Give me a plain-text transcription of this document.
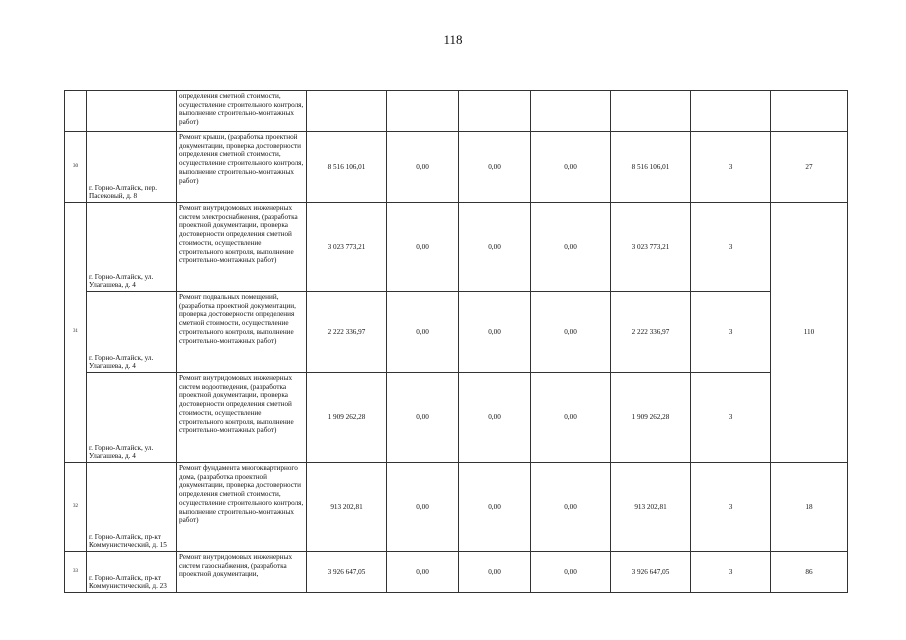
118
		определения сметной стоимости, осуществление строительного контроля, выполнение строительно-монтажных работ)							
30	г. Горно-Алтайск, пер. Пасековый, д. 8	Ремонт крыши, (разработка проектной документации, проверка достоверности определения сметной стоимости, осуществление строительного контроля, выполнение строительно-монтажных работ)	8 516 106,01	0,00	0,00	0,00	8 516 106,01	3	27
31	г. Горно-Алтайск, ул. Улагашева, д. 4	Ремонт внутридомовых инженерных систем электроснабжения, (разработка проектной документации, проверка достоверности определения сметной стоимости, осуществление строительного контроля, выполнение строительно-монтажных работ)	3 023 773,21	0,00	0,00	0,00	3 023 773,21	3	110
	г. Горно-Алтайск, ул. Улагашева, д. 4	Ремонт подвальных помещений, (разработка проектной документации, проверка достоверности определения сметной стоимости, осуществление строительного контроля, выполнение строительно-монтажных работ)	2 222 336,97	0,00	0,00	0,00	2 222 336,97	3	
	г. Горно-Алтайск, ул. Улагашева, д. 4	Ремонт внутридомовых инженерных систем водоотведения, (разработка проектной документации, проверка достоверности определения сметной стоимости, осуществление строительного контроля, выполнение строительно-монтажных работ)	1 909 262,28	0,00	0,00	0,00	1 909 262,28	3	
32	г. Горно-Алтайск, пр-кт Коммунистический, д. 15	Ремонт фундамента многоквартирного дома, (разработка проектной документации, проверка достоверности определения сметной стоимости, осуществление строительного контроля, выполнение строительно-монтажных работ)	913 202,81	0,00	0,00	0,00	913 202,81	3	18
33	г. Горно-Алтайск, пр-кт Коммунистический, д. 23	Ремонт внутридомовых инженерных систем газоснабжения, (разработка проектной документации,	3 926 647,05	0,00	0,00	0,00	3 926 647,05	3	86
